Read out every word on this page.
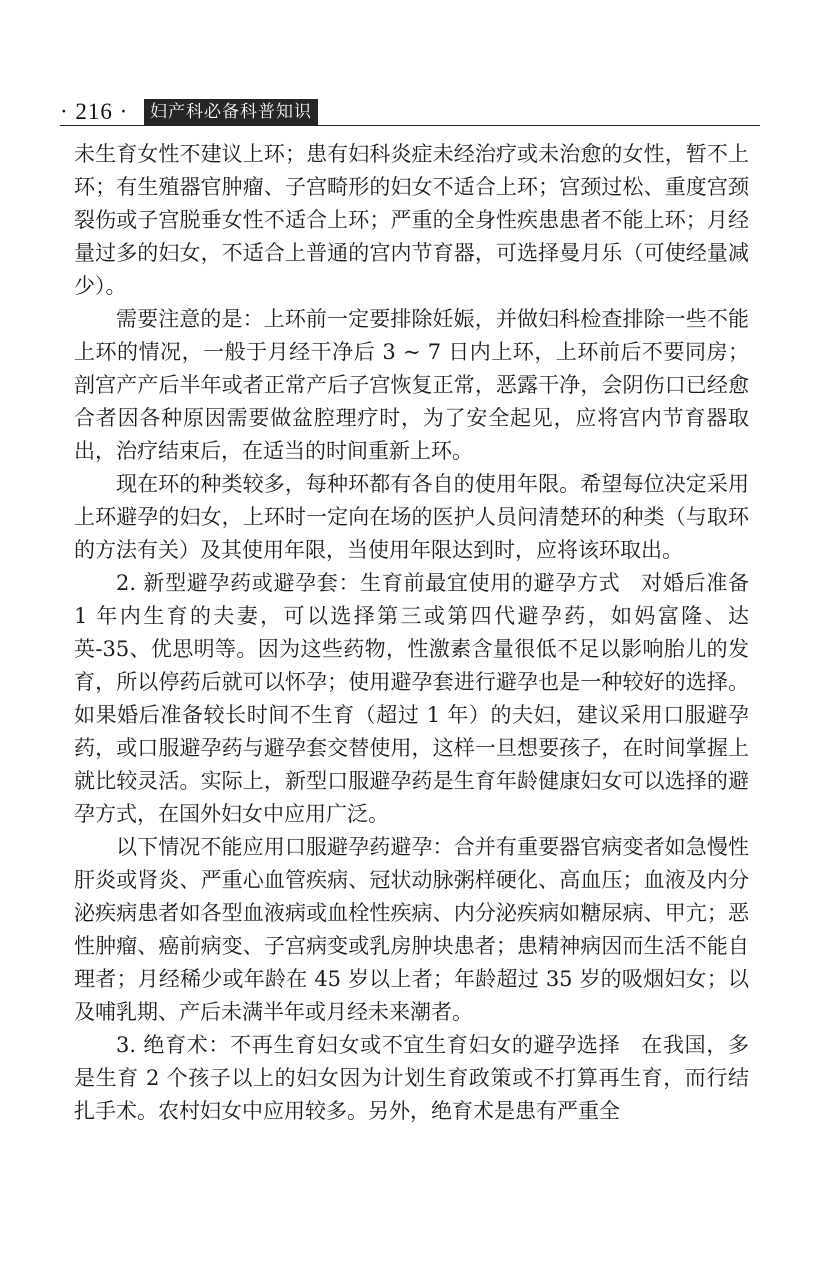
· 216 ·	妇产科必备科普知识

未生育女性不建议上环；患有妇科炎症未经治疗或未治愈的女性，暂不上环；有生殖器官肿瘤、子宫畸形的妇女不适合上环；宫颈过松、重度宫颈裂伤或子宫脱垂女性不适合上环；严重的全身性疾患患者不能上环；月经量过多的妇女，不适合上普通的宫内节育器，可选择曼月乐（可使经量减少）。

需要注意的是：上环前一定要排除妊娠，并做妇科检查排除一些不能上环的情况，一般于月经干净后 3 ~ 7 日内上环，上环前后不要同房；剖宫产产后半年或者正常产后子宫恢复正常，恶露干净，会阴伤口已经愈合者因各种原因需要做盆腔理疗时，为了安全起见，应将宫内节育器取出，治疗结束后，在适当的时间重新上环。

现在环的种类较多，每种环都有各自的使用年限。希望每位决定采用上环避孕的妇女，上环时一定向在场的医护人员问清楚环的种类（与取环的方法有关）及其使用年限，当使用年限达到时，应将该环取出。

2. 新型避孕药或避孕套：生育前最宜使用的避孕方式 对婚后准备 1 年内生育的夫妻，可以选择第三或第四代避孕药，如妈富隆、达英-35、优思明等。因为这些药物，性激素含量很低不足以影响胎儿的发育，所以停药后就可以怀孕；使用避孕套进行避孕也是一种较好的选择。如果婚后准备较长时间不生育（超过 1 年）的夫妇，建议采用口服避孕药，或口服避孕药与避孕套交替使用，这样一旦想要孩子，在时间掌握上就比较灵活。实际上，新型口服避孕药是生育年龄健康妇女可以选择的避孕方式，在国外妇女中应用广泛。

以下情况不能应用口服避孕药避孕：合并有重要器官病变者如急慢性肝炎或肾炎、严重心血管疾病、冠状动脉粥样硬化、高血压；血液及内分泌疾病患者如各型血液病或血栓性疾病、内分泌疾病如糖尿病、甲亢；恶性肿瘤、癌前病变、子宫病变或乳房肿块患者；患精神病因而生活不能自理者；月经稀少或年龄在 45 岁以上者；年龄超过 35 岁的吸烟妇女；以及哺乳期、产后未满半年或月经未来潮者。

3. 绝育术：不再生育妇女或不宜生育妇女的避孕选择 在我国，多是生育 2 个孩子以上的妇女因为计划生育政策或不打算再生育，而行结扎手术。农村妇女中应用较多。另外，绝育术是患有严重全
